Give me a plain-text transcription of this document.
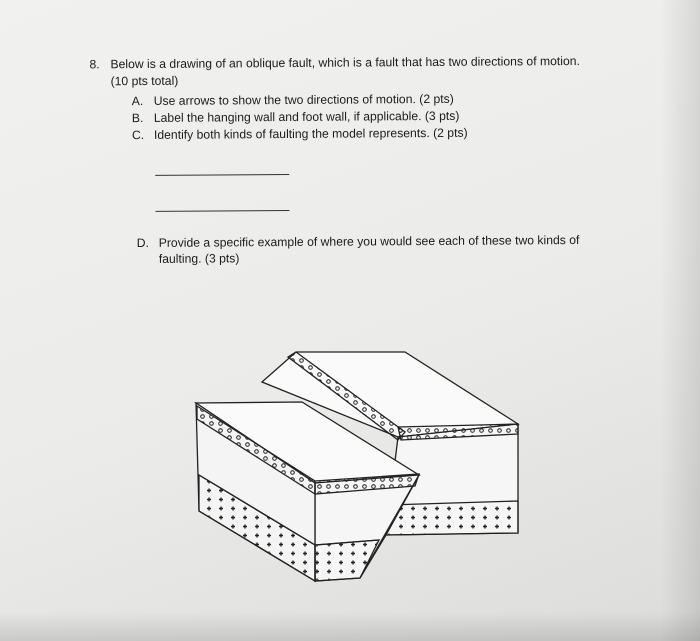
8. Below is a drawing of an oblique fault, which is a fault that has two directions of motion.
(10 pts total)
A. Use arrows to show the two directions of motion. (2 pts)
B. Label the hanging wall and foot wall, if applicable. (3 pts)
C. Identify both kinds of faulting the model represents. (2 pts)
D. Provide a specific example of where you would see each of these two kinds of
faulting. (3 pts)
